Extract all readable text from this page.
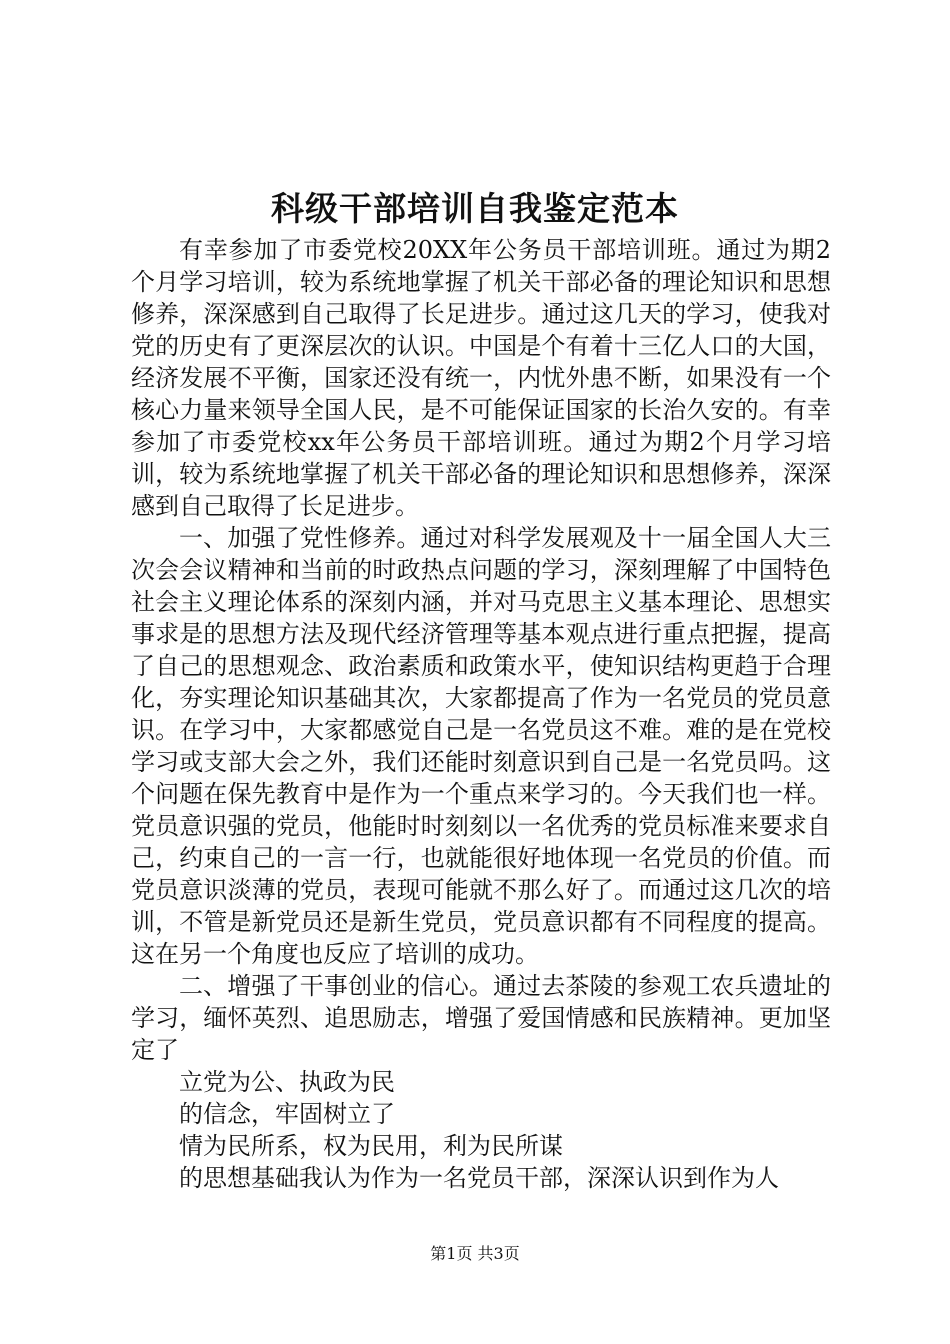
科级干部培训自我鉴定范本

有幸参加了市委党校20XX年公务员干部培训班。通过为期2个月学习培训，较为系统地掌握了机关干部必备的理论知识和思想修养，深深感到自己取得了长足进步。通过这几天的学习，使我对党的历史有了更深层次的认识。中国是个有着十三亿人口的大国，经济发展不平衡，国家还没有统一，内忧外患不断，如果没有一个核心力量来领导全国人民，是不可能保证国家的长治久安的。有幸参加了市委党校xx年公务员干部培训班。通过为期2个月学习培训，较为系统地掌握了机关干部必备的理论知识和思想修养，深深感到自己取得了长足进步。

一、加强了党性修养。通过对科学发展观及十一届全国人大三次会会议精神和当前的时政热点问题的学习，深刻理解了中国特色社会主义理论体系的深刻内涵，并对马克思主义基本理论、思想实事求是的思想方法及现代经济管理等基本观点进行重点把握，提高了自己的思想观念、政治素质和政策水平，使知识结构更趋于合理化，夯实理论知识基础其次，大家都提高了作为一名党员的党员意识。在学习中，大家都感觉自己是一名党员这不难。难的是在党校学习或支部大会之外，我们还能时刻意识到自己是一名党员吗。这个问题在保先教育中是作为一个重点来学习的。今天我们也一样。党员意识强的党员，他能时时刻刻以一名优秀的党员标准来要求自己，约束自己的一言一行，也就能很好地体现一名党员的价值。而党员意识淡薄的党员，表现可能就不那么好了。而通过这几次的培训，不管是新党员还是新生党员，党员意识都有不同程度的提高。这在另一个角度也反应了培训的成功。

二、增强了干事创业的信心。通过去茶陵的参观工农兵遗址的学习，缅怀英烈、追思励志，增强了爱国情感和民族精神。更加坚定了

立党为公、执政为民

的信念，牢固树立了

情为民所系，权为民用，利为民所谋

的思想基础我认为作为一名党员干部，深深认识到作为人

第1页 共3页
